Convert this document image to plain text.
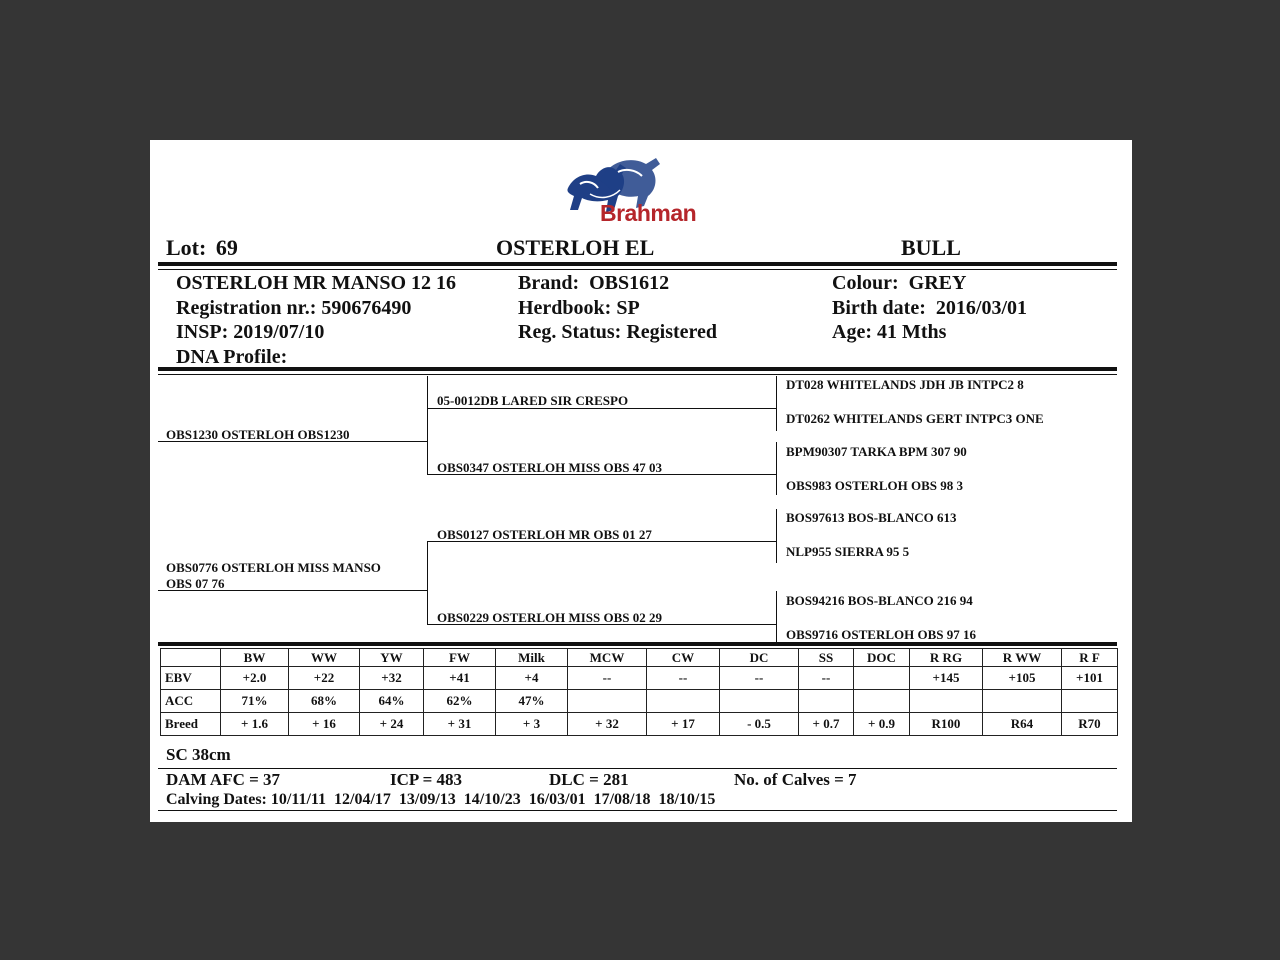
Brahman
Lot: 69	OSTERLOH EL	BULL
OSTERLOH MR MANSO 12 16
Registration nr.: 590676490
INSP: 2019/07/10
DNA Profile:
Brand: OBS1612
Herdbook: SP
Reg. Status: Registered
Colour: GREY
Birth date: 2016/03/01
Age: 41 Mths
OBS1230 OSTERLOH OBS1230
OBS0776 OSTERLOH MISS MANSO
OBS 07 76
05-0012DB LARED SIR CRESPO
OBS0347 OSTERLOH MISS OBS 47 03
OBS0127 OSTERLOH MR OBS 01 27
OBS0229 OSTERLOH MISS OBS 02 29
DT028 WHITELANDS JDH JB INTPC2 8
DT0262 WHITELANDS GERT INTPC3 ONE
BPM90307 TARKA BPM 307 90
OBS983 OSTERLOH OBS 98 3
BOS97613 BOS-BLANCO 613
NLP955 SIERRA 95 5
BOS94216 BOS-BLANCO 216 94
OBS9716 OSTERLOH OBS 97 16
	BW	WW	YW	FW	Milk	MCW	CW	DC	SS	DOC	R RG	R WW	R F
EBV	+2.0	+22	+32	+41	+4	--	--	--	--		+145	+105	+101
ACC	71%	68%	64%	62%	47%								
Breed	+ 1.6	+ 16	+ 24	+ 31	+ 3	+ 32	+ 17	- 0.5	+ 0.7	+ 0.9	R100	R64	R70
SC 38cm
DAM AFC = 37	ICP = 483	DLC = 281	No. of Calves = 7
Calving Dates: 10/11/11  12/04/17  13/09/13  14/10/23  16/03/01  17/08/18  18/10/15
